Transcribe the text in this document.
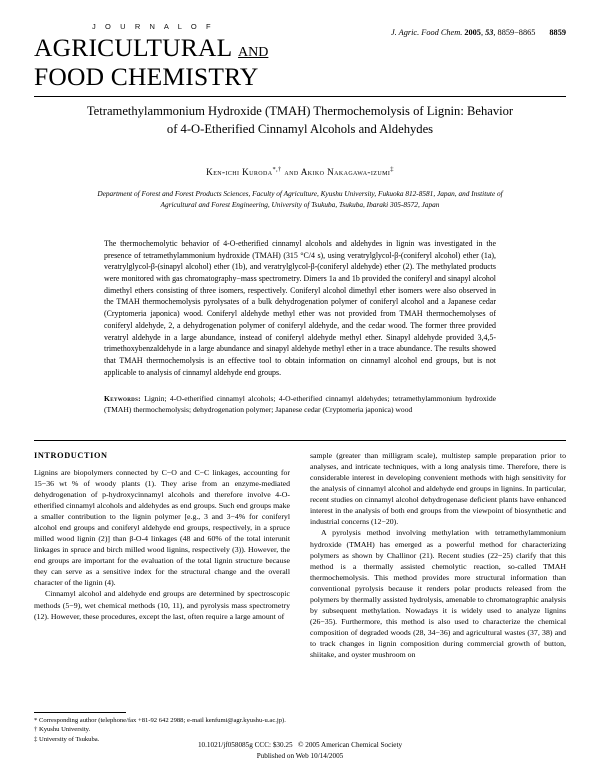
J O U R N A L O F
AGRICULTURAL AND
FOOD CHEMISTRY
J. Agric. Food Chem. 2005, 53, 8859−8865 8859
Tetramethylammonium Hydroxide (TMAH) Thermochemolysis of Lignin: Behavior of 4-O-Etherified Cinnamyl Alcohols and Aldehydes
Ken-ichi Kuroda*,† and Akiko Nakagawa-izumi‡
Department of Forest and Forest Products Sciences, Faculty of Agriculture, Kyushu University, Fukuoka 812-8581, Japan, and Institute of Agricultural and Forest Engineering, University of Tsukuba, Tsukuba, Ibaraki 305-8572, Japan
The thermochemolytic behavior of 4-O-etherified cinnamyl alcohols and aldehydes in lignin was investigated in the presence of tetramethylammonium hydroxide (TMAH) (315 °C/4 s), using veratrylglycol-β-(coniferyl alcohol) ether (1a), veratrylglycol-β-(sinapyl alcohol) ether (1b), and veratrylglycol-β-(coniferyl aldehyde) ether (2). The methylated products were monitored with gas chromatography−mass spectrometry. Dimers 1a and 1b provided the coniferyl and sinapyl alcohol dimethyl ethers consisting of three isomers, respectively. Coniferyl alcohol dimethyl ether isomers were also observed in the TMAH thermochemolysis pyrolysates of a bulk dehydrogenation polymer of coniferyl alcohol and a Japanese cedar (Cryptomeria japonica) wood. Coniferyl aldehyde methyl ether was not provided from TMAH thermochemolyses of coniferyl aldehyde, 2, a dehydrogenation polymer of coniferyl aldehyde, and the cedar wood. The former three provided veratryl aldehyde in a large abundance, instead of coniferyl aldehyde methyl ether. Sinapyl aldehyde provided 3,4,5-trimethoxybenzaldehyde in a large abundance and sinapyl aldehyde methyl ether in a trace abundance. The results showed that TMAH thermochemolysis is an effective tool to obtain information on cinnamyl alcohol end groups, but is not applicable to analysis of cinnamyl aldehyde end groups.
Keywords: Lignin; 4-O-etherified cinnamyl alcohols; 4-O-etherified cinnamyl aldehydes; tetramethylammonium hydroxide (TMAH) thermochemolysis; dehydrogenation polymer; Japanese cedar (Cryptomeria japonica) wood
INTRODUCTION

Lignins are biopolymers connected by C−O and C−C linkages, accounting for 15−36 wt % of woody plants (1). They arise from an enzyme-mediated dehydrogenation of p-hydroxycinnamyl alcohols and therefore involve 4-O-etherified cinnamyl alcohols and aldehydes as end groups. Such end groups make a smaller contribution to the lignin polymer [e.g., 3 and 3−4% for coniferyl alcohol end groups and coniferyl aldehyde end groups, respectively, in a spruce milled wood lignin (2)] than β-O-4 linkages (48 and 60% of the total interunit linkages in spruce and birch milled wood lignins, respectively (3)). However, the end groups are important for the evaluation of the total lignin structure because they can serve as a sensitive index for the structural change and the overall character of the lignin (4).

Cinnamyl alcohol and aldehyde end groups are determined by spectroscopic methods (5−9), wet chemical methods (10, 11), and pyrolysis mass spectrometry (12). However, these procedures, except the last, often require a large amount of

sample (greater than milligram scale), multistep sample preparation prior to analyses, and intricate techniques, with a long analysis time. Therefore, there is considerable interest in developing convenient methods with high sensitivity for the analysis of cinnamyl alcohol and aldehyde end groups in lignins. In particular, recent studies on cinnamyl alcohol dehydrogenase deficient plants have enhanced interest in the analysis of both end groups from the viewpoint of biosynthetic and industrial concerns (12−20).

A pyrolysis method involving methylation with tetramethylammonium hydroxide (TMAH) has emerged as a powerful method for characterizing polymers as shown by Challinor (21). Recent studies (22−25) clarify that this method is a thermally assisted chemolytic reaction, so-called TMAH thermochemolysis. This method provides more structural information than conventional pyrolysis because it renders polar products released from the polymers by thermally assisted hydrolysis, amenable to chromatographic analysis by subsequent methylation. Nowadays it is widely used to analyze lignins (26−35). Furthermore, this method is also used to characterize the chemical composition of degraded woods (28, 34−36) and agricultural wastes (37, 38) and to track changes in lignin composition during commercial growth of button, shiitake, and oyster mushroom on

* Corresponding author (telephone/fax +81-92 642 2988; e-mail kenfumi@agr.kyushu-u.ac.jp).
† Kyushu University.
‡ University of Tsukuba.
10.1021/jf058085g CCC: $30.25 © 2005 American Chemical Society
Published on Web 10/14/2005
